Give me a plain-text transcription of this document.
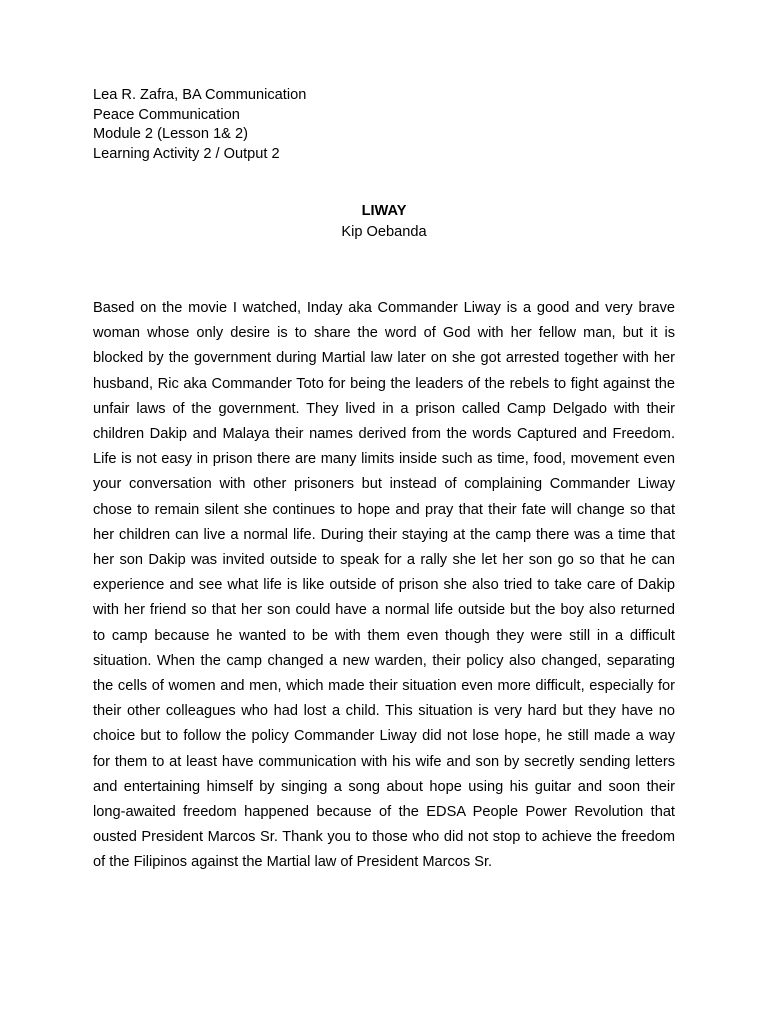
Lea R. Zafra, BA Communication
Peace Communication
Module 2 (Lesson 1& 2)
Learning Activity 2 / Output 2
LIWAY
Kip Oebanda

Based on the movie I watched, Inday aka Commander Liway is a good and very brave woman whose only desire is to share the word of God with her fellow man, but it is blocked by the government during Martial law later on she got arrested together with her husband, Ric aka Commander Toto for being the leaders of the rebels to fight against the unfair laws of the government. They lived in a prison called Camp Delgado with their children Dakip and Malaya their names derived from the words Captured and Freedom. Life is not easy in prison there are many limits inside such as time, food, movement even your conversation with other prisoners but instead of complaining Commander Liway chose to remain silent she continues to hope and pray that their fate will change so that her children can live a normal life. During their staying at the camp there was a time that her son Dakip was invited outside to speak for a rally she let her son go so that he can experience and see what life is like outside of prison she also tried to take care of Dakip with her friend so that her son could have a normal life outside but the boy also returned to camp because he wanted to be with them even though they were still in a difficult situation. When the camp changed a new warden, their policy also changed, separating the cells of women and men, which made their situation even more difficult, especially for their other colleagues who had lost a child. This situation is very hard but they have no choice but to follow the policy Commander Liway did not lose hope, he still made a way for them to at least have communication with his wife and son by secretly sending letters and entertaining himself by singing a song about hope using his guitar and soon their long-awaited freedom happened because of the EDSA People Power Revolution that ousted President Marcos Sr. Thank you to those who did not stop to achieve the freedom of the Filipinos against the Martial law of President Marcos Sr.
